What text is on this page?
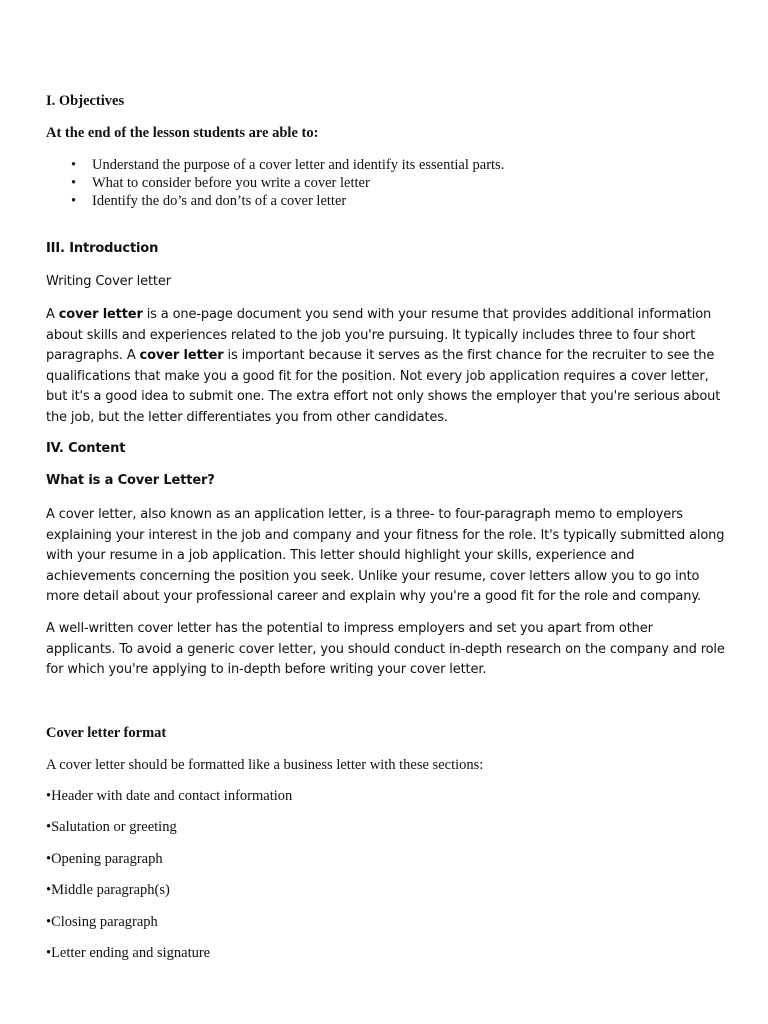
I. Objectives
At the end of the lesson students are able to:
• Understand the purpose of a cover letter and identify its essential parts.
• What to consider before you write a cover letter
• Identify the do’s and don’ts of a cover letter
III. Introduction
Writing Cover letter

A cover letter is a one-page document you send with your resume that provides additional information about skills and experiences related to the job you're pursuing. It typically includes three to four short paragraphs. A cover letter is important because it serves as the first chance for the recruiter to see the qualifications that make you a good fit for the position. Not every job application requires a cover letter, but it's a good idea to submit one. The extra effort not only shows the employer that you're serious about the job, but the letter differentiates you from other candidates.

IV. Content
What is a Cover Letter?

A cover letter, also known as an application letter, is a three- to four-paragraph memo to employers explaining your interest in the job and company and your fitness for the role. It's typically submitted along with your resume in a job application. This letter should highlight your skills, experience and achievements concerning the position you seek. Unlike your resume, cover letters allow you to go into more detail about your professional career and explain why you're a good fit for the role and company.

A well-written cover letter has the potential to impress employers and set you apart from other applicants. To avoid a generic cover letter, you should conduct in-depth research on the company and role for which you're applying to in-depth before writing your cover letter.

Cover letter format
A cover letter should be formatted like a business letter with these sections:
•Header with date and contact information
•Salutation or greeting
•Opening paragraph
•Middle paragraph(s)
•Closing paragraph
•Letter ending and signature
